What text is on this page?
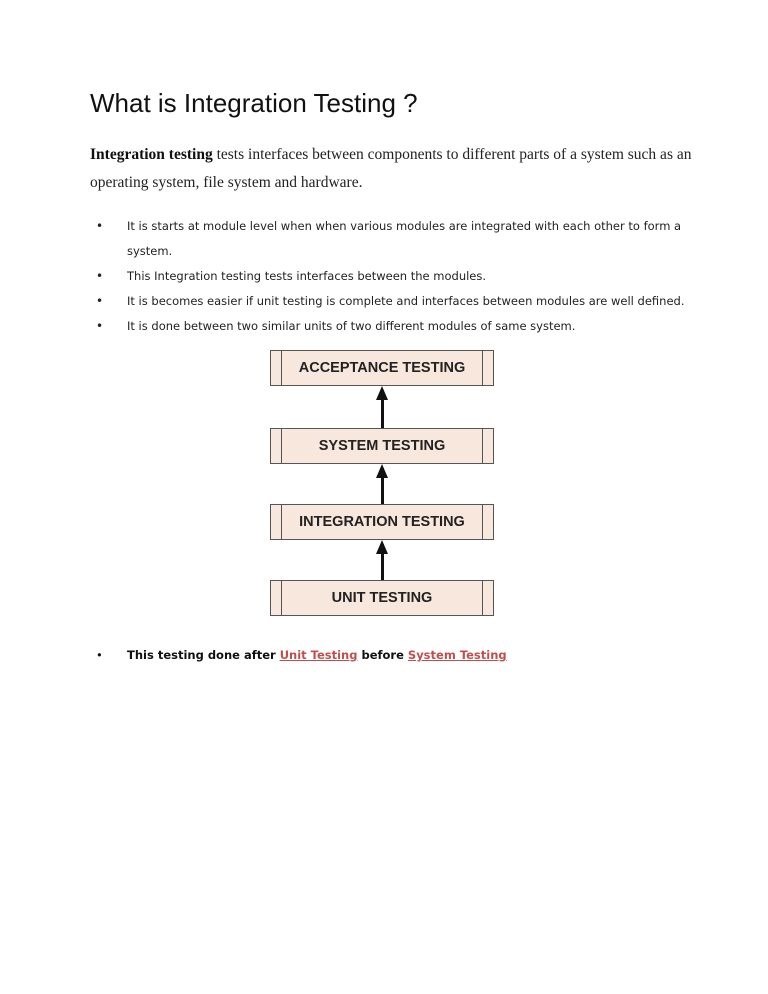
What is Integration Testing ?
Integration testing tests interfaces between components to different parts of a system such as an operating system, file system and hardware.
• It is starts at module level when when various modules are integrated with each other to form a system.
• This Integration testing tests interfaces between the modules.
• It is becomes easier if unit testing is complete and interfaces between modules are well defined.
• It is done between two similar units of two different modules of same system.
ACCEPTANCE TESTING
SYSTEM TESTING
INTEGRATION TESTING
UNIT TESTING
• This testing done after Unit Testing before System Testing
